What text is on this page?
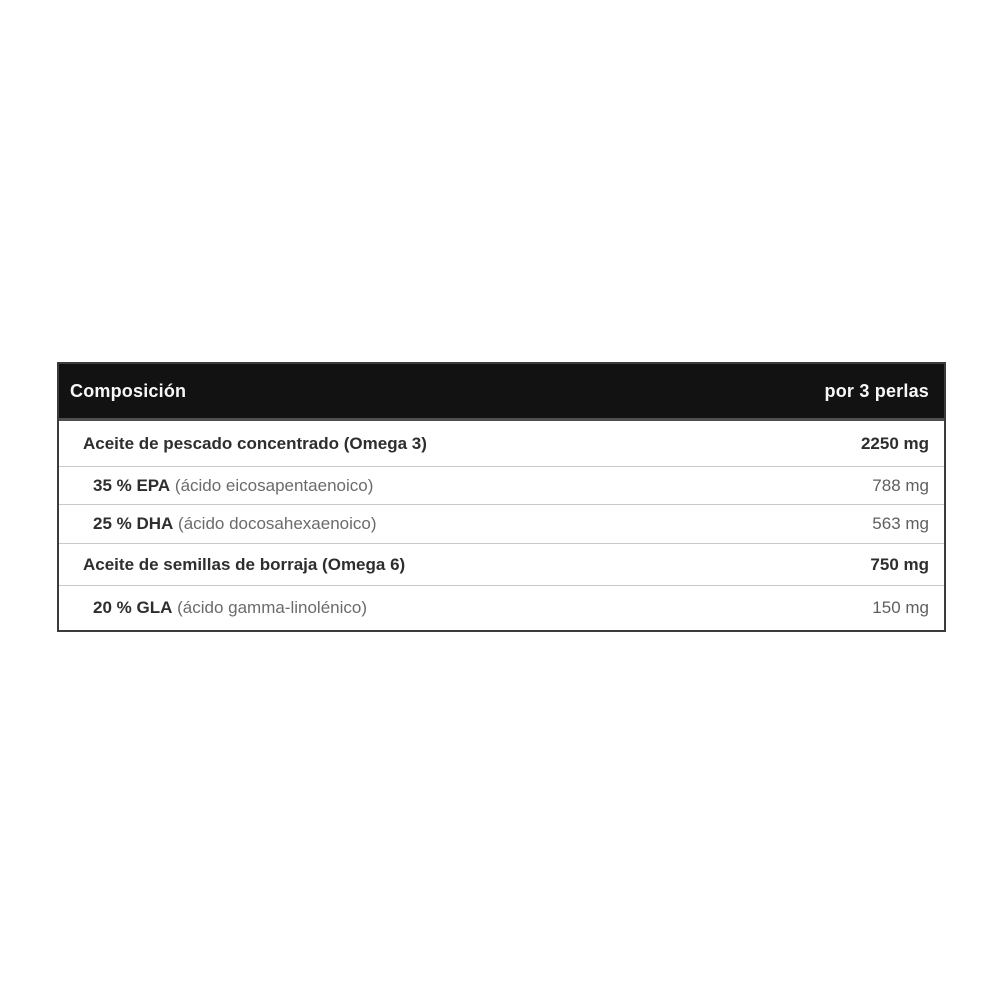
Composición	por 3 perlas
Aceite de pescado concentrado (Omega 3)	2250 mg
35 % EPA (ácido eicosapentaenoico)	788 mg
25 % DHA (ácido docosahexaenoico)	563 mg
Aceite de semillas de borraja (Omega 6)	750 mg
20 % GLA (ácido gamma-linolénico)	150 mg
